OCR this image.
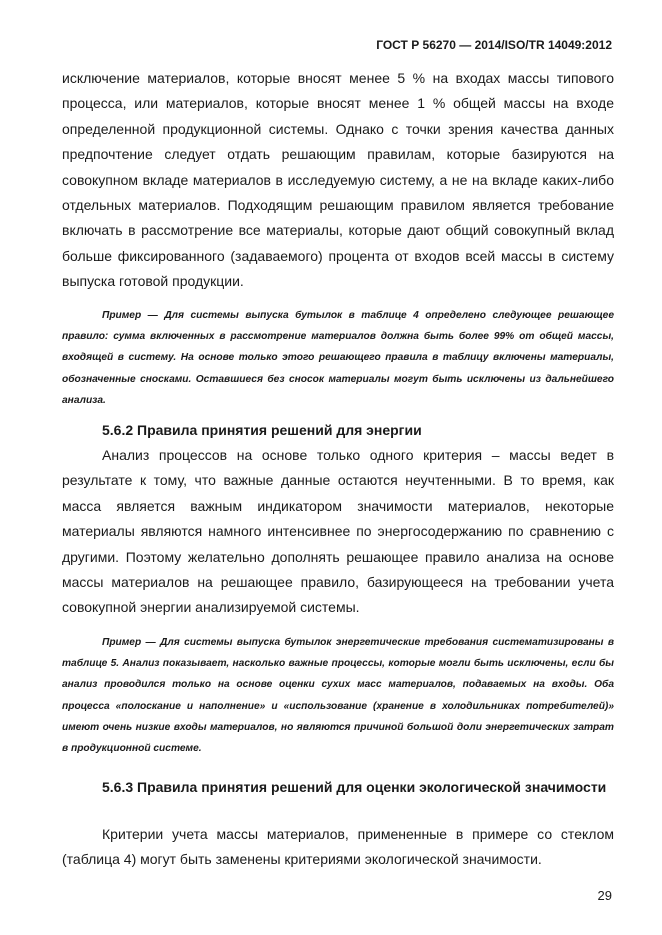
ГОСТ Р 56270 — 2014/ISO/TR 14049:2012
исключение материалов, которые вносят менее 5 % на входах массы типового процесса, или материалов, которые вносят менее 1 % общей массы на входе определенной продукционной системы. Однако с точки зрения качества данных предпочтение следует отдать решающим правилам, которые базируются на совокупном вкладе материалов в исследуемую систему, а не на вкладе каких-либо отдельных материалов. Подходящим решающим правилом является требование включать в рассмотрение все материалы, которые дают общий совокупный вклад больше фиксированного (задаваемого) процента от входов всей массы в систему выпуска готовой продукции.
Пример — Для системы выпуска бутылок в таблице 4 определено следующее решающее правило: сумма включенных в рассмотрение материалов должна быть более 99% от общей массы, входящей в систему. На основе только этого решающего правила в таблицу включены материалы, обозначенные сносками. Оставшиеся без сносок материалы могут быть исключены из дальнейшего анализа.
5.6.2 Правила принятия решений для энергии
Анализ процессов на основе только одного критерия – массы ведет в результате к тому, что важные данные остаются неучтенными. В то время, как масса является важным индикатором значимости материалов, некоторые материалы являются намного интенсивнее по энергосодержанию по сравнению с другими. Поэтому желательно дополнять решающее правило анализа на основе массы материалов на решающее правило, базирующееся на требовании учета совокупной энергии анализируемой системы.
Пример — Для системы выпуска бутылок энергетические требования систематизированы в таблице 5. Анализ показывает, насколько важные процессы, которые могли быть исключены, если бы анализ проводился только на основе оценки сухих масс материалов, подаваемых на входы. Оба процесса «полоскание и наполнение» и «использование (хранение в холодильниках потребителей)» имеют очень низкие входы материалов, но являются причиной большой доли энергетических затрат в продукционной системе.
5.6.3 Правила принятия решений для оценки экологической значимости
Критерии учета массы материалов, примененные в примере со стеклом (таблица 4) могут быть заменены критериями экологической значимости.
29
